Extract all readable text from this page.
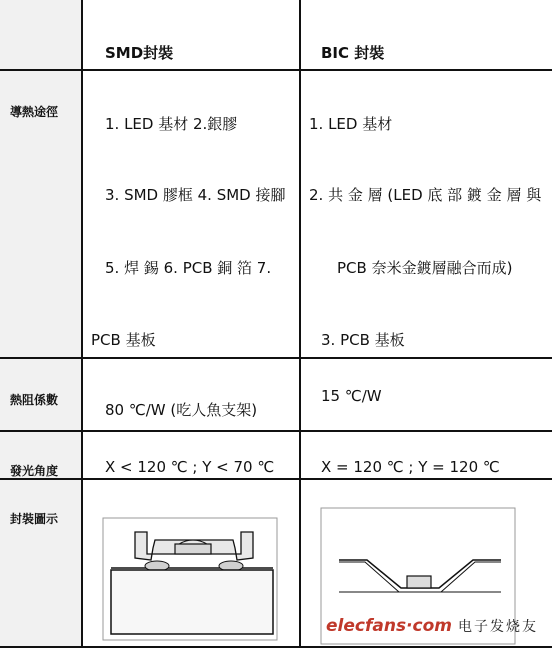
	SMD封裝	BIC 封裝

導熱途徑	1. LED 基材 2.銀膠
3. SMD 膠框 4. SMD 接腳
5. 焊 錫 6. PCB 銅 箔 7.
PCB 基板	1. LED 基材
2. 共 金 層 (LED 底 部 鍍 金 層 與
PCB 奈米金鍍層融合而成)
3. PCB 基板

熱阻係數	80 ℃/W (吃人魚支架)	15 ℃/W

發光角度	X < 120 ℃ ; Y < 70 ℃	X = 120 ℃ ; Y = 120 ℃

封裝圖示		elecfans·com 电子发烧友
